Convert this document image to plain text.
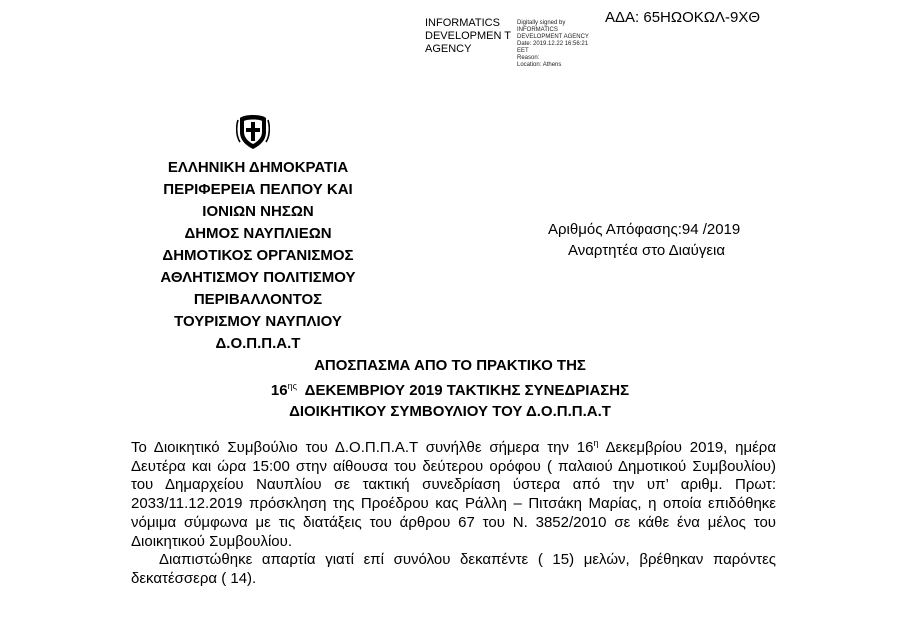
ΑΔΑ: 65ΗΩΟΚΩΛ-9ΧΘ
INFORMATICS DEVELOPMEN T AGENCY
Digitally signed by
INFORMATICS
DEVELOPMENT AGENCY
Date: 2019.12.22 16:56:21
EET
Reason:
Location: Athens
ΕΛΛΗΝΙΚΗ ΔΗΜΟΚΡΑΤΙΑ
ΠΕΡΙΦΕΡΕΙΑ ΠΕΛΠΟΥ ΚΑΙ
ΙΟΝΙΩΝ ΝΗΣΩΝ
ΔΗΜΟΣ ΝΑΥΠΛΙΕΩΝ
ΔΗΜΟΤΙΚΟΣ ΟΡΓΑΝΙΣΜΟΣ
ΑΘΛΗΤΙΣΜΟΥ ΠΟΛΙΤΙΣΜΟΥ
ΠΕΡΙΒΑΛΛΟΝΤΟΣ
ΤΟΥΡΙΣΜΟΥ ΝΑΥΠΛΙΟΥ
Δ.Ο.Π.Π.Α.Τ
Αριθμός Απόφασης:94 /2019
Αναρτητέα στο Διαύγεια
ΑΠΟΣΠΑΣΜΑ ΑΠΟ ΤΟ ΠΡΑΚΤΙΚΟ ΤΗΣ
$16^{\eta\varsigma}$  ΔΕΚΕΜΒΡΙΟΥ 2019 ΤΑΚΤΙΚΗΣ ΣΥΝΕΔΡΙΑΣΗΣ
ΔΙΟΙΚΗΤΙΚΟΥ ΣΥΜΒΟΥΛΙΟΥ ΤΟΥ Δ.Ο.Π.Π.Α.Τ

Το Διοικητικό Συμβούλιο του Δ.Ο.Π.Π.Α.Τ συνήλθε σήμερα την $16^\eta$ Δεκεμβρίου 2019, ημέρα Δευτέρα και ώρα 15:00 στην αίθουσα του δεύτερου ορόφου ( παλαιού Δημοτικού Συμβουλίου) του Δημαρχείου Ναυπλίου σε τακτική συνεδρίαση ύστερα από την υπ’ αριθμ. Πρωτ: 2033/11.12.2019 πρόσκληση της Προέδρου κας Ράλλη – Πιτσάκη Μαρίας, η οποία επιδόθηκε νόμιμα σύμφωνα με τις διατάξεις του άρθρου 67 του Ν. 3852/2010 σε κάθε ένα μέλος του Διοικητικού Συμβουλίου.

Διαπιστώθηκε απαρτία γιατί επί συνόλου δεκαπέντε ( 15) μελών, βρέθηκαν παρόντες δεκατέσσερα ( 14).
